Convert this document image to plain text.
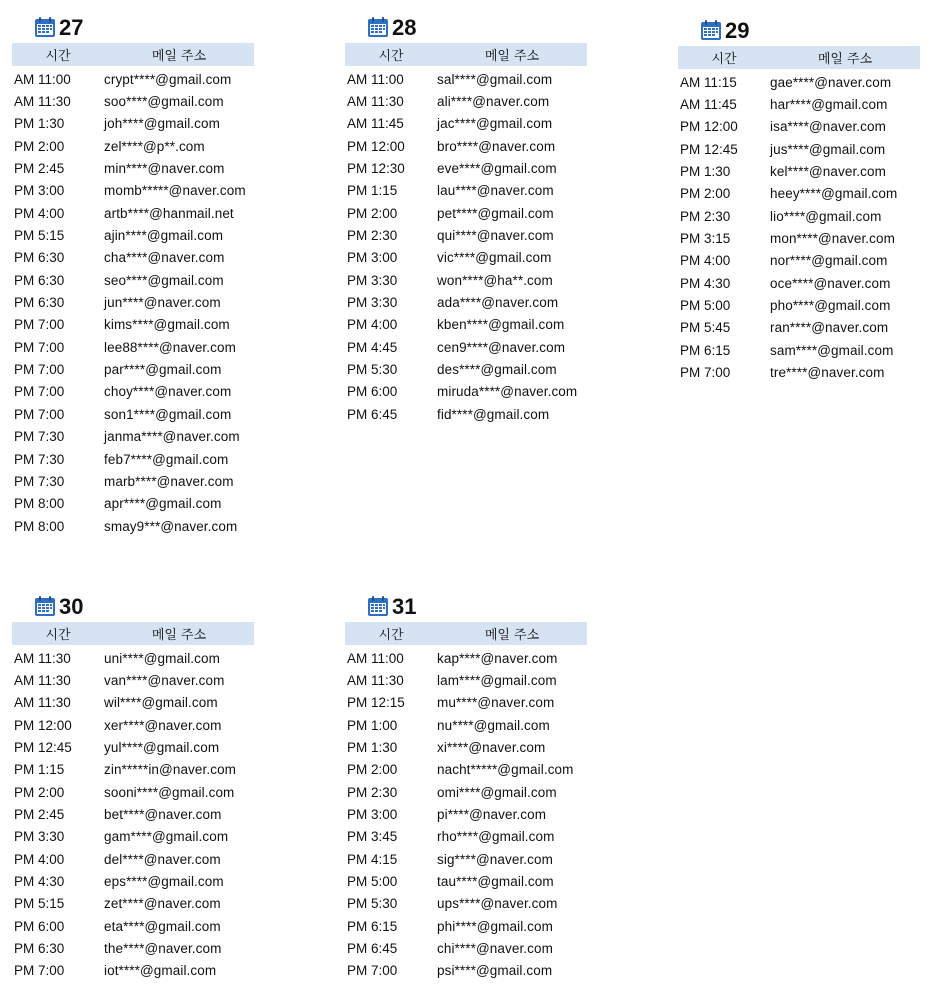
27
시간	메일 주소
AM 11:00	crypt****@gmail.com
AM 11:30	soo****@gmail.com
PM 1:30	joh****@gmail.com
PM 2:00	zel****@p**.com
PM 2:45	min****@naver.com
PM 3:00	momb*****@naver.com
PM 4:00	artb****@hanmail.net
PM 5:15	ajin****@gmail.com
PM 6:30	cha****@naver.com
PM 6:30	seo****@gmail.com
PM 6:30	jun****@naver.com
PM 7:00	kims****@gmail.com
PM 7:00	lee88****@naver.com
PM 7:00	par****@gmail.com
PM 7:00	choy****@naver.com
PM 7:00	son1****@gmail.com
PM 7:30	janma****@naver.com
PM 7:30	feb7****@gmail.com
PM 7:30	marb****@naver.com
PM 8:00	apr****@gmail.com
PM 8:00	smay9***@naver.com
28
시간	메일 주소
AM 11:00	sal****@gmail.com
AM 11:30	ali****@naver.com
AM 11:45	jac****@gmail.com
PM 12:00	bro****@naver.com
PM 12:30	eve****@gmail.com
PM 1:15	lau****@naver.com
PM 2:00	pet****@gmail.com
PM 2:30	qui****@naver.com
PM 3:00	vic****@gmail.com
PM 3:30	won****@ha**.com
PM 3:30	ada****@naver.com
PM 4:00	kben****@gmail.com
PM 4:45	cen9****@naver.com
PM 5:30	des****@gmail.com
PM 6:00	miruda****@naver.com
PM 6:45	fid****@gmail.com
29
시간	메일 주소
AM 11:15	gae****@naver.com
AM 11:45	har****@gmail.com
PM 12:00	isa****@naver.com
PM 12:45	jus****@gmail.com
PM 1:30	kel****@naver.com
PM 2:00	heey****@gmail.com
PM 2:30	lio****@gmail.com
PM 3:15	mon****@naver.com
PM 4:00	nor****@gmail.com
PM 4:30	oce****@naver.com
PM 5:00	pho****@gmail.com
PM 5:45	ran****@naver.com
PM 6:15	sam****@gmail.com
PM 7:00	tre****@naver.com
30
시간	메일 주소
AM 11:30	uni****@gmail.com
AM 11:30	van****@naver.com
AM 11:30	wil****@gmail.com
PM 12:00	xer****@naver.com
PM 12:45	yul****@gmail.com
PM 1:15	zin*****in@naver.com
PM 2:00	sooni****@gmail.com
PM 2:45	bet****@naver.com
PM 3:30	gam****@gmail.com
PM 4:00	del****@naver.com
PM 4:30	eps****@gmail.com
PM 5:15	zet****@naver.com
PM 6:00	eta****@gmail.com
PM 6:30	the****@naver.com
PM 7:00	iot****@gmail.com
31
시간	메일 주소
AM 11:00	kap****@naver.com
AM 11:30	lam****@gmail.com
PM 12:15	mu****@naver.com
PM 1:00	nu****@gmail.com
PM 1:30	xi****@naver.com
PM 2:00	nacht*****@gmail.com
PM 2:30	omi****@gmail.com
PM 3:00	pi****@naver.com
PM 3:45	rho****@gmail.com
PM 4:15	sig****@naver.com
PM 5:00	tau****@gmail.com
PM 5:30	ups****@naver.com
PM 6:15	phi****@gmail.com
PM 6:45	chi****@naver.com
PM 7:00	psi****@gmail.com
